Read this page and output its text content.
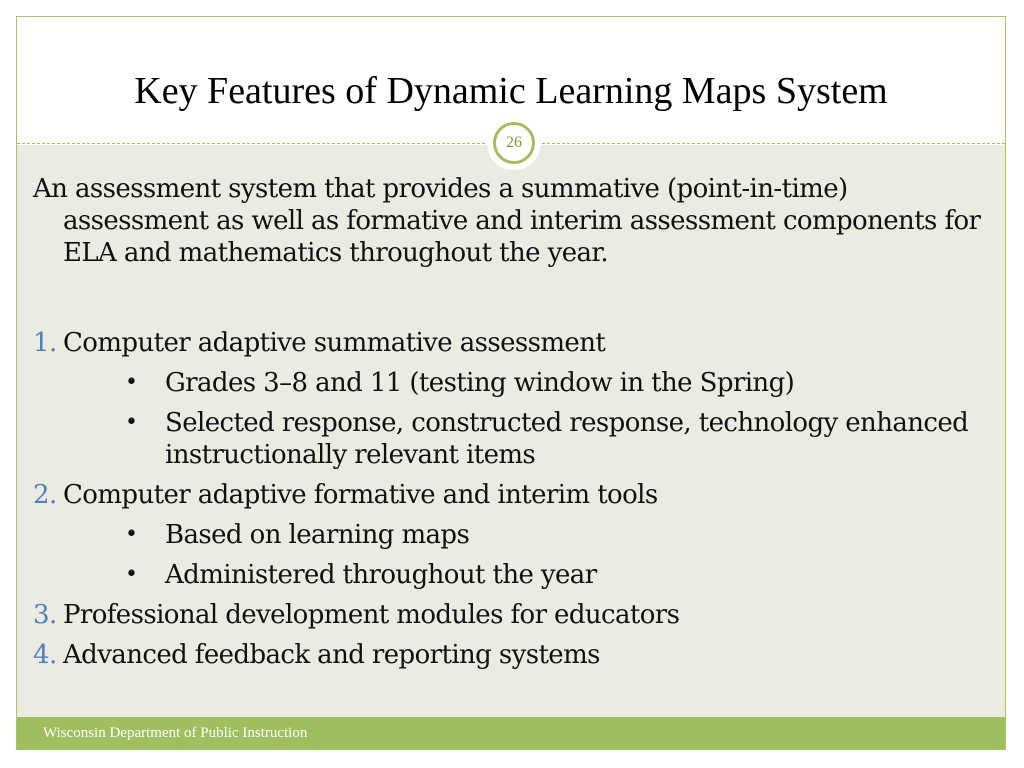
Key Features of Dynamic Learning Maps System
26

An assessment system that provides a summative (point-in-time) assessment as well as formative and interim assessment components for ELA and mathematics throughout the year.

1. Computer adaptive summative assessment
•	Grades 3–8 and 11 (testing window in the Spring)
•	Selected response, constructed response, technology enhanced instructionally relevant items
2. Computer adaptive formative and interim tools
•	Based on learning maps
•	Administered throughout the year
3. Professional development modules for educators
4. Advanced feedback and reporting systems
Wisconsin Department of Public Instruction
